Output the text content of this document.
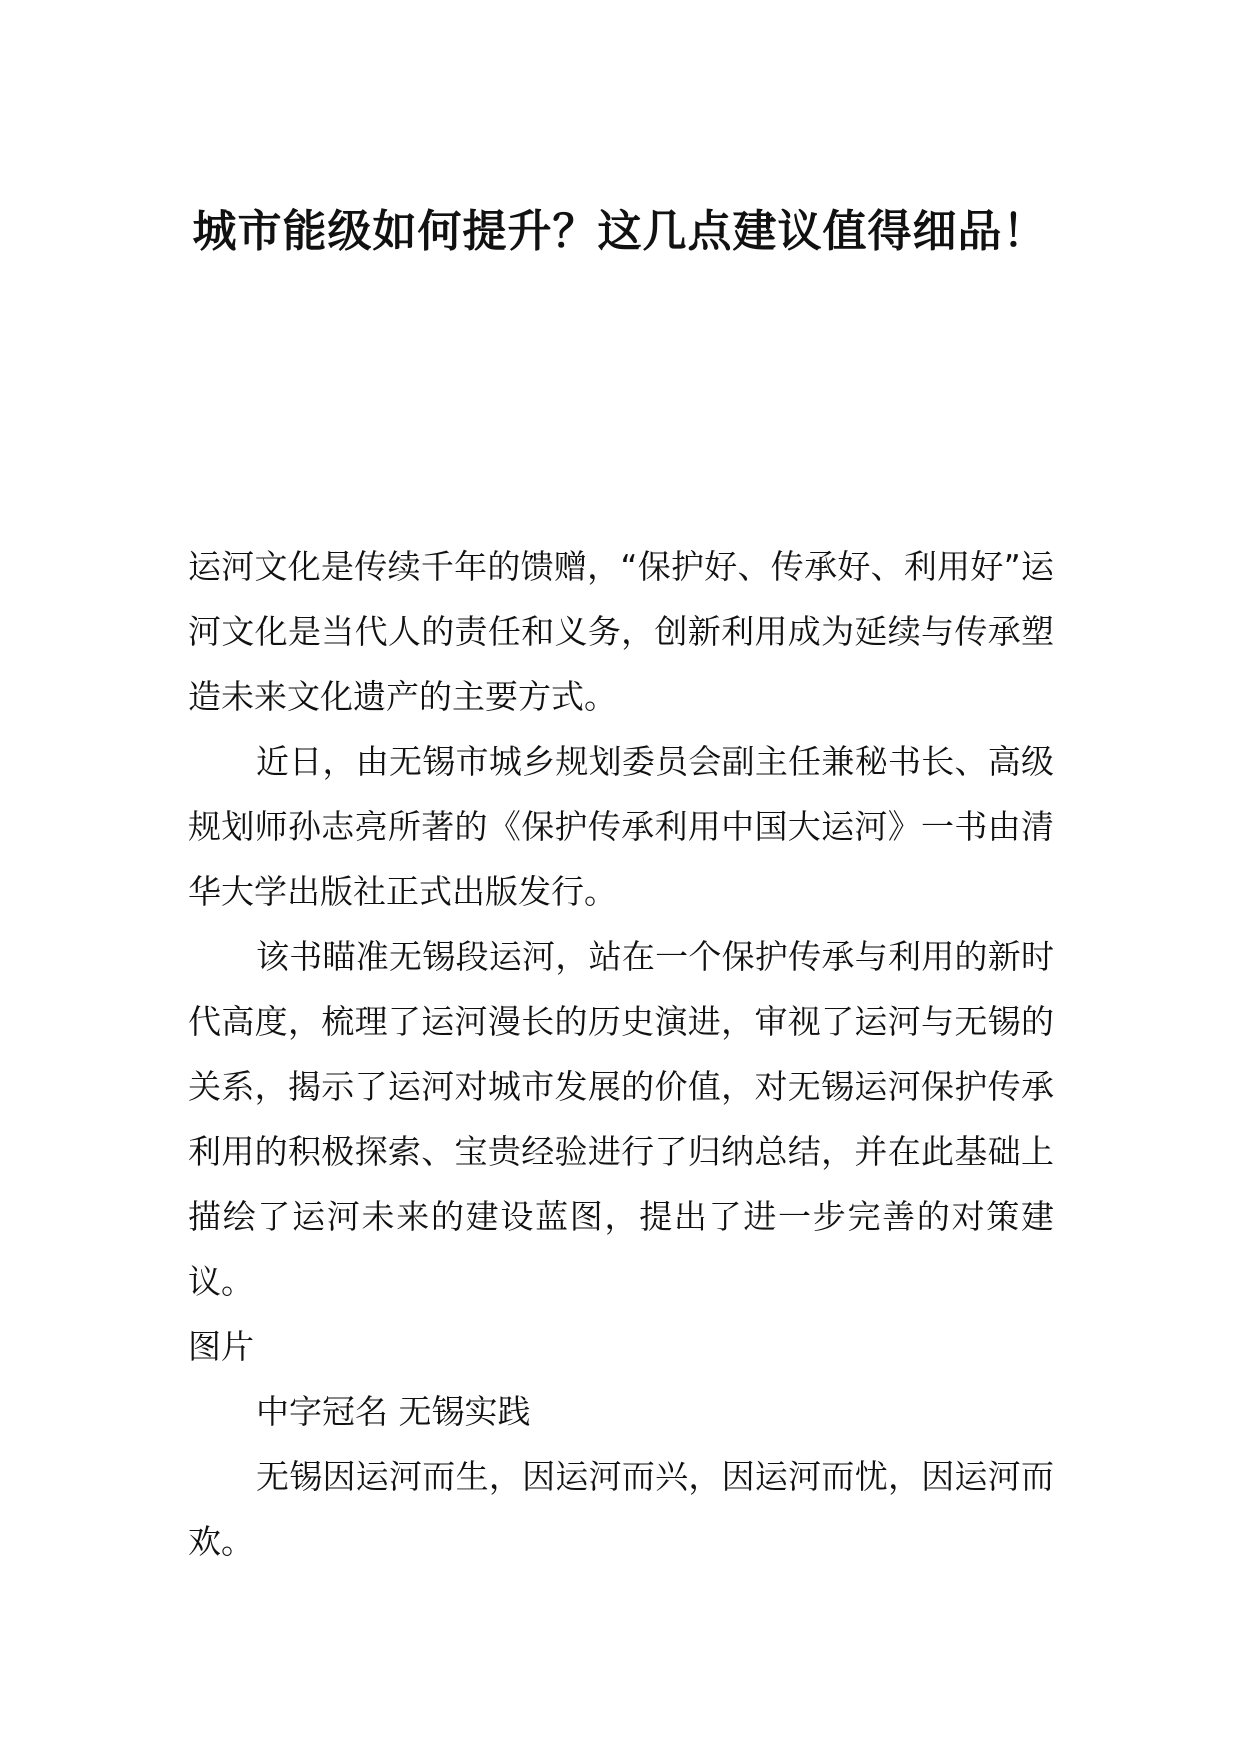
城市能级如何提升？这几点建议值得细品！

运河文化是传续千年的馈赠，“保护好、传承好、利用好”运河文化是当代人的责任和义务，创新利用成为延续与传承塑造未来文化遗产的主要方式。

近日，由无锡市城乡规划委员会副主任兼秘书长、高级规划师孙志亮所著的《保护传承利用中国大运河》一书由清华大学出版社正式出版发行。

该书瞄准无锡段运河，站在一个保护传承与利用的新时代高度，梳理了运河漫长的历史演进，审视了运河与无锡的关系，揭示了运河对城市发展的价值，对无锡运河保护传承利用的积极探索、宝贵经验进行了归纳总结，并在此基础上描绘了运河未来的建设蓝图，提出了进一步完善的对策建议。

图片

中字冠名 无锡实践

无锡因运河而生，因运河而兴，因运河而忧，因运河而欢。
